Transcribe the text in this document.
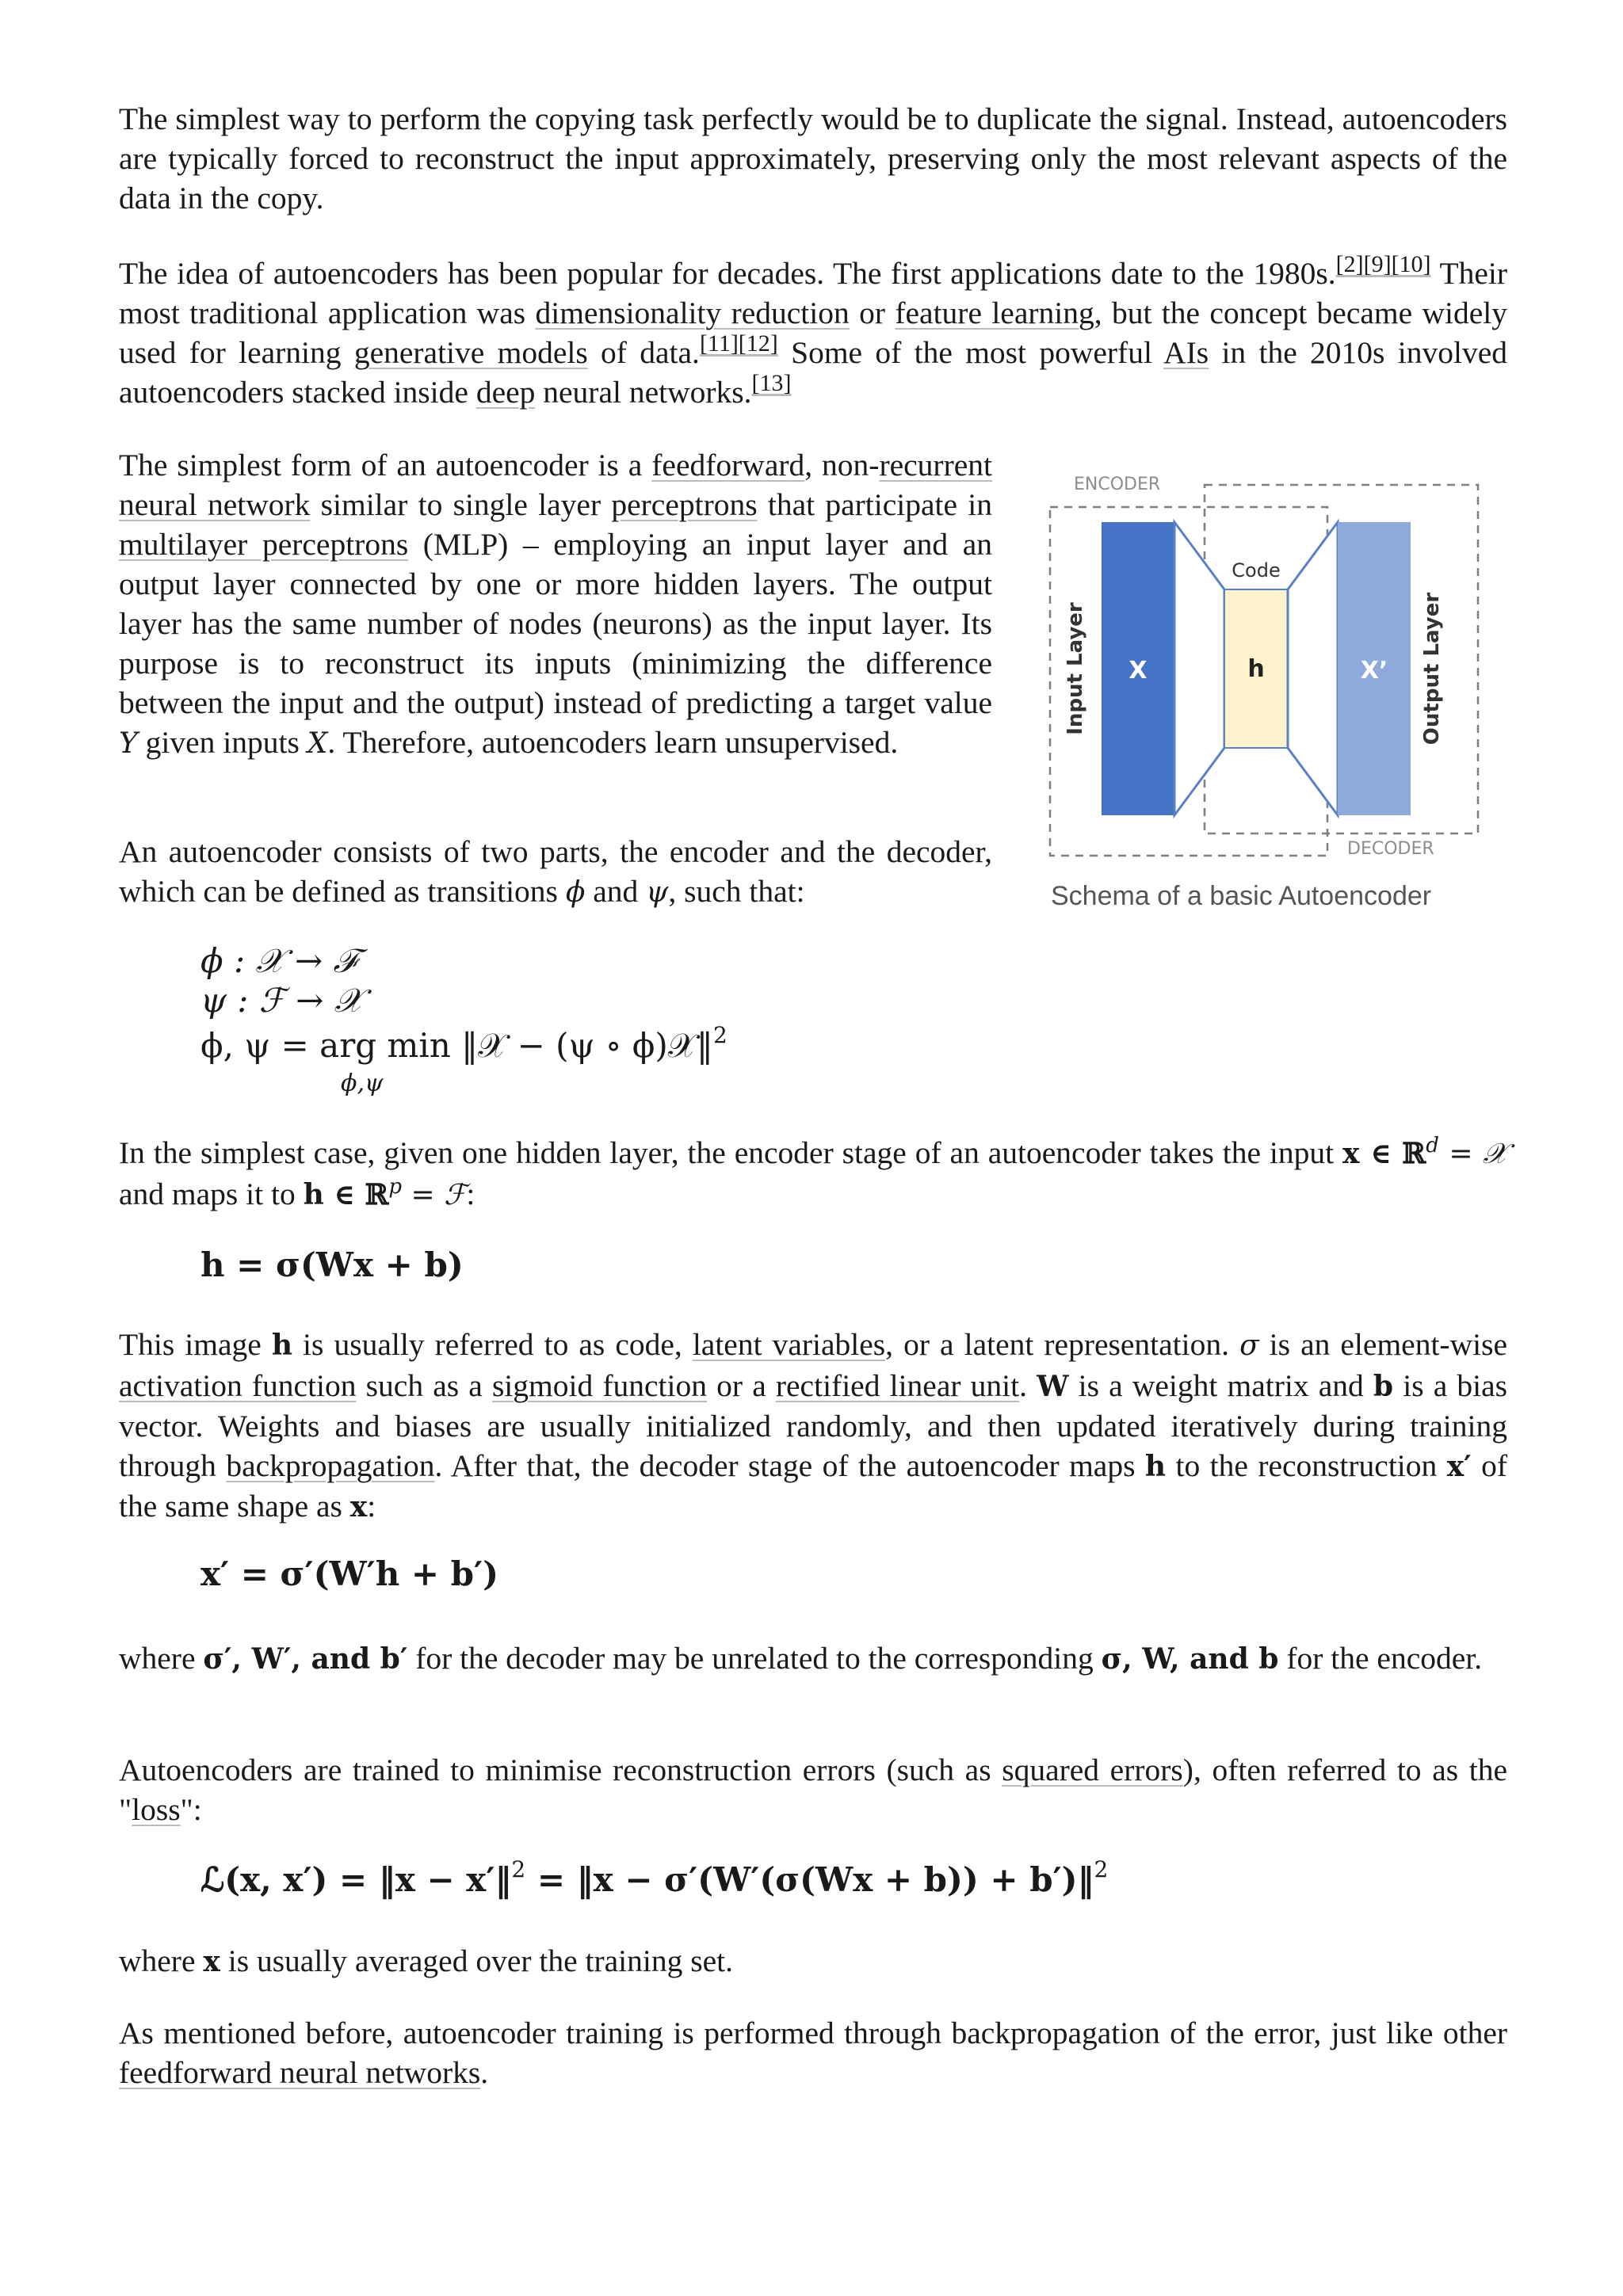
The simplest way to perform the copying task perfectly would be to duplicate the signal. Instead, autoencoders are typically forced to reconstruct the input approximately, preserving only the most relevant aspects of the data in the copy.

The idea of autoencoders has been popular for decades. The first applications date to the 1980s.[2][9][10] Their most traditional application was dimensionality reduction or feature learning, but the concept became widely used for learning generative models of data.[11][12] Some of the most powerful AIs in the 2010s involved autoencoders stacked inside deep neural networks.[13]

The simplest form of an autoencoder is a feedforward, non-recurrent neural network similar to single layer perceptrons that participate in multilayer perceptrons (MLP) – employing an input layer and an output layer connected by one or more hidden layers. The output layer has the same number of nodes (neurons) as the input layer. Its purpose is to reconstruct its inputs (minimizing the difference between the input and the output) instead of predicting a target value Y given inputs X. Therefore, autoencoders learn unsupervised.

An autoencoder consists of two parts, the encoder and the decoder, which can be defined as transitions ϕ and ψ, such that:

ϕ : 𝒳 → ℱ
ψ : ℱ → 𝒳
ϕ, ψ = arg min ‖𝒳 − (ψ ∘ ϕ)𝒳‖$^2$
ϕ,ψ

In the simplest case, given one hidden layer, the encoder stage of an autoencoder takes the input x ∈ ℝ$^d$ = 𝒳 and maps it to h ∈ ℝ$^p$ = ℱ:

h = σ(Wx + b)

This image h is usually referred to as code, latent variables, or a latent representation. σ is an element-wise activation function such as a sigmoid function or a rectified linear unit. W is a weight matrix and b is a bias vector. Weights and biases are usually initialized randomly, and then updated iteratively during training through backpropagation. After that, the decoder stage of the autoencoder maps h to the reconstruction x′ of the same shape as x:

x′ = σ′(W′h + b′)

where σ′, W′, and b′ for the decoder may be unrelated to the corresponding σ, W, and b for the encoder.

Autoencoders are trained to minimise reconstruction errors (such as squared errors), often referred to as the "loss":

ℒ(x, x′) = ‖x − x′‖$^2$ = ‖x − σ′(W′(σ(Wx + b)) + b′)‖$^2$

where x is usually averaged over the training set.

As mentioned before, autoencoder training is performed through backpropagation of the error, just like other feedforward neural networks.

ENCODER
Code
h
X	X’
Input Layer	Output Layer
DECODER
Schema of a basic Autoencoder
